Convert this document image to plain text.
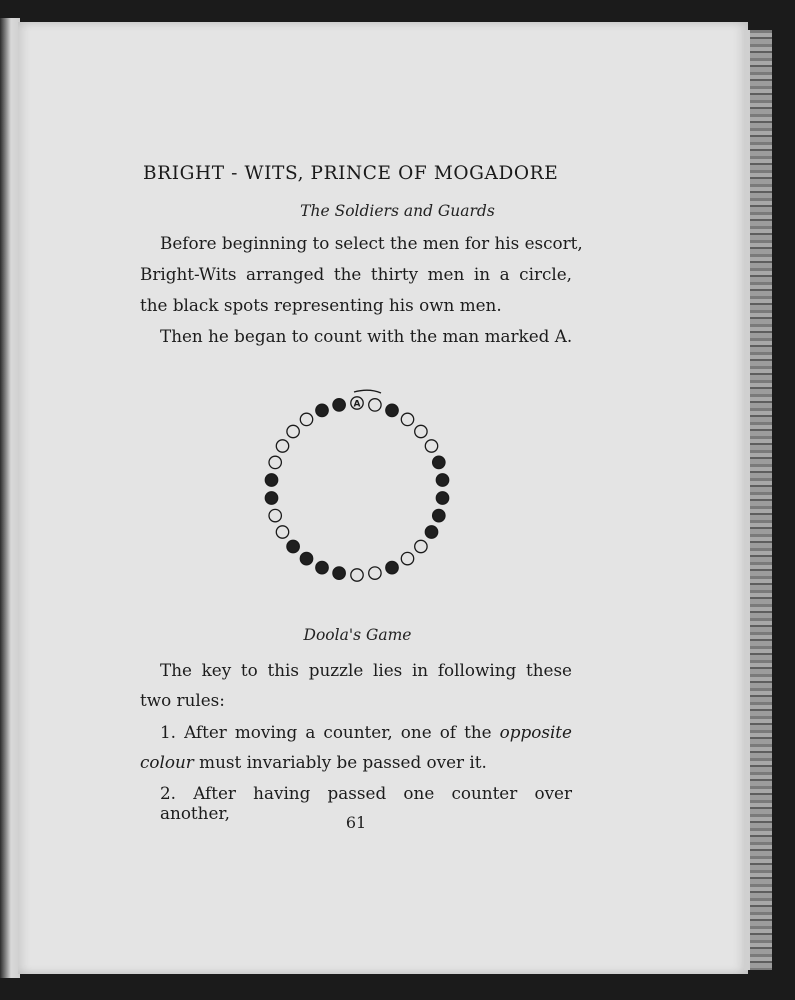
BRIGHT - WITS, PRINCE OF MOGADORE
The Soldiers and Guards
Before beginning to select the men for his escort,
Bright-Wits arranged the thirty men in a circle,
the black spots representing his own men.
Then he began to count with the man marked A.
A
Doola's Game
The key to this puzzle lies in following these
two rules:
1. After moving a counter, one of the opposite
colour must invariably be passed over it.
2. After having passed one counter over another,	61
